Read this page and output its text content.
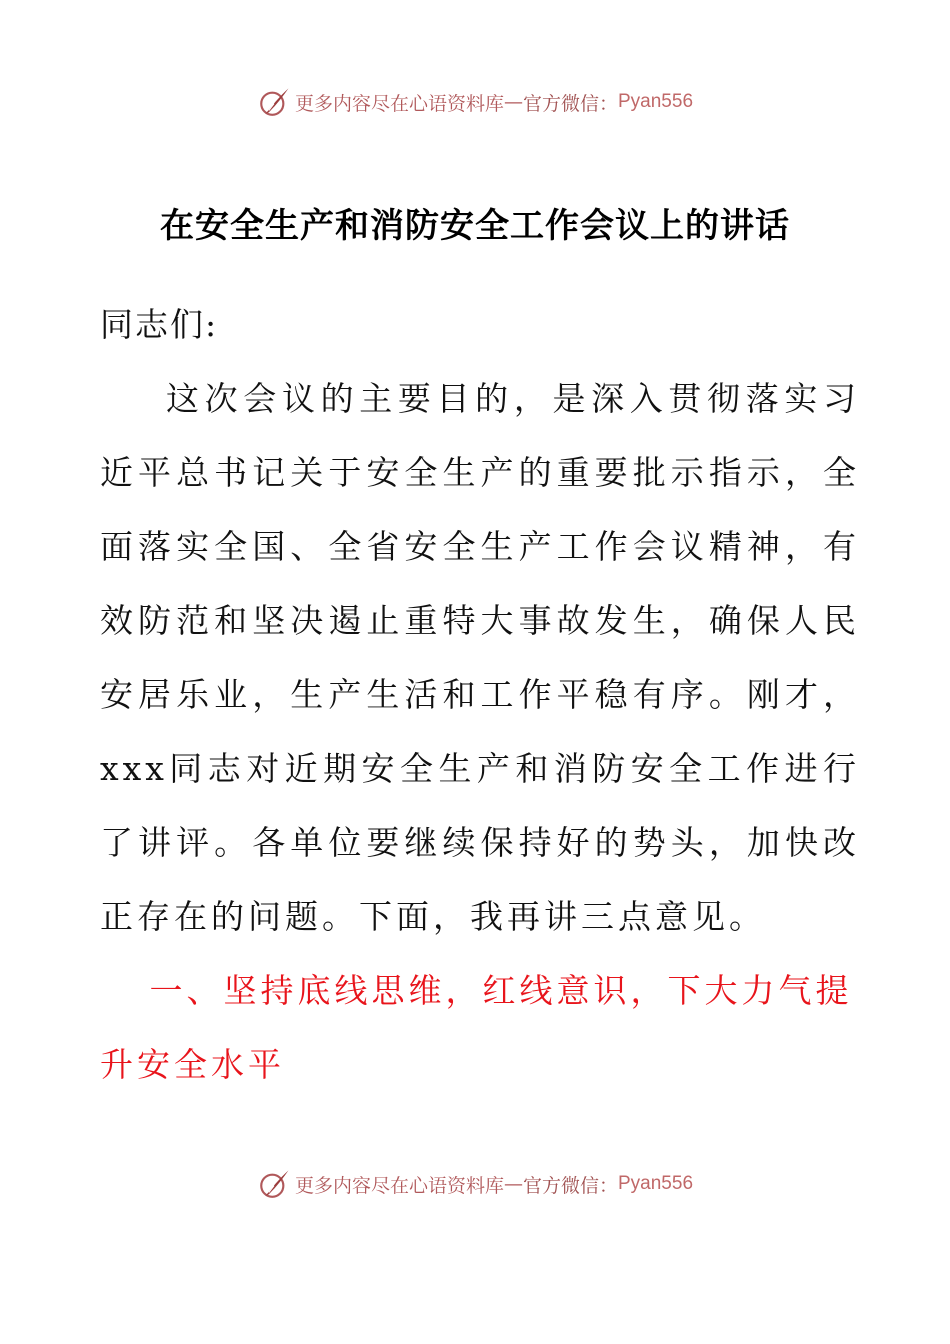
更多内容尽在心语资料库 — 官方微信： Pyan556
在安全生产和消防安全工作会议上的讲话

同志们:

这次会议的主要目的，是深入贯彻落实习近平总书记关于安全生产的重要批示指示，全面落实全国、全省安全生产工作会议精神，有效防范和坚决遏止重特大事故发生，确保人民安居乐业，生产生活和工作平稳有序。刚才，xxx同志对近期安全生产和消防安全工作进行了讲评。各单位要继续保持好的势头，加快改正存在的问题。下面，我再讲三点意见。

一、坚持底线思维，红线意识，下大力气提升安全水平

更多内容尽在心语资料库 — 官方微信： Pyan556
